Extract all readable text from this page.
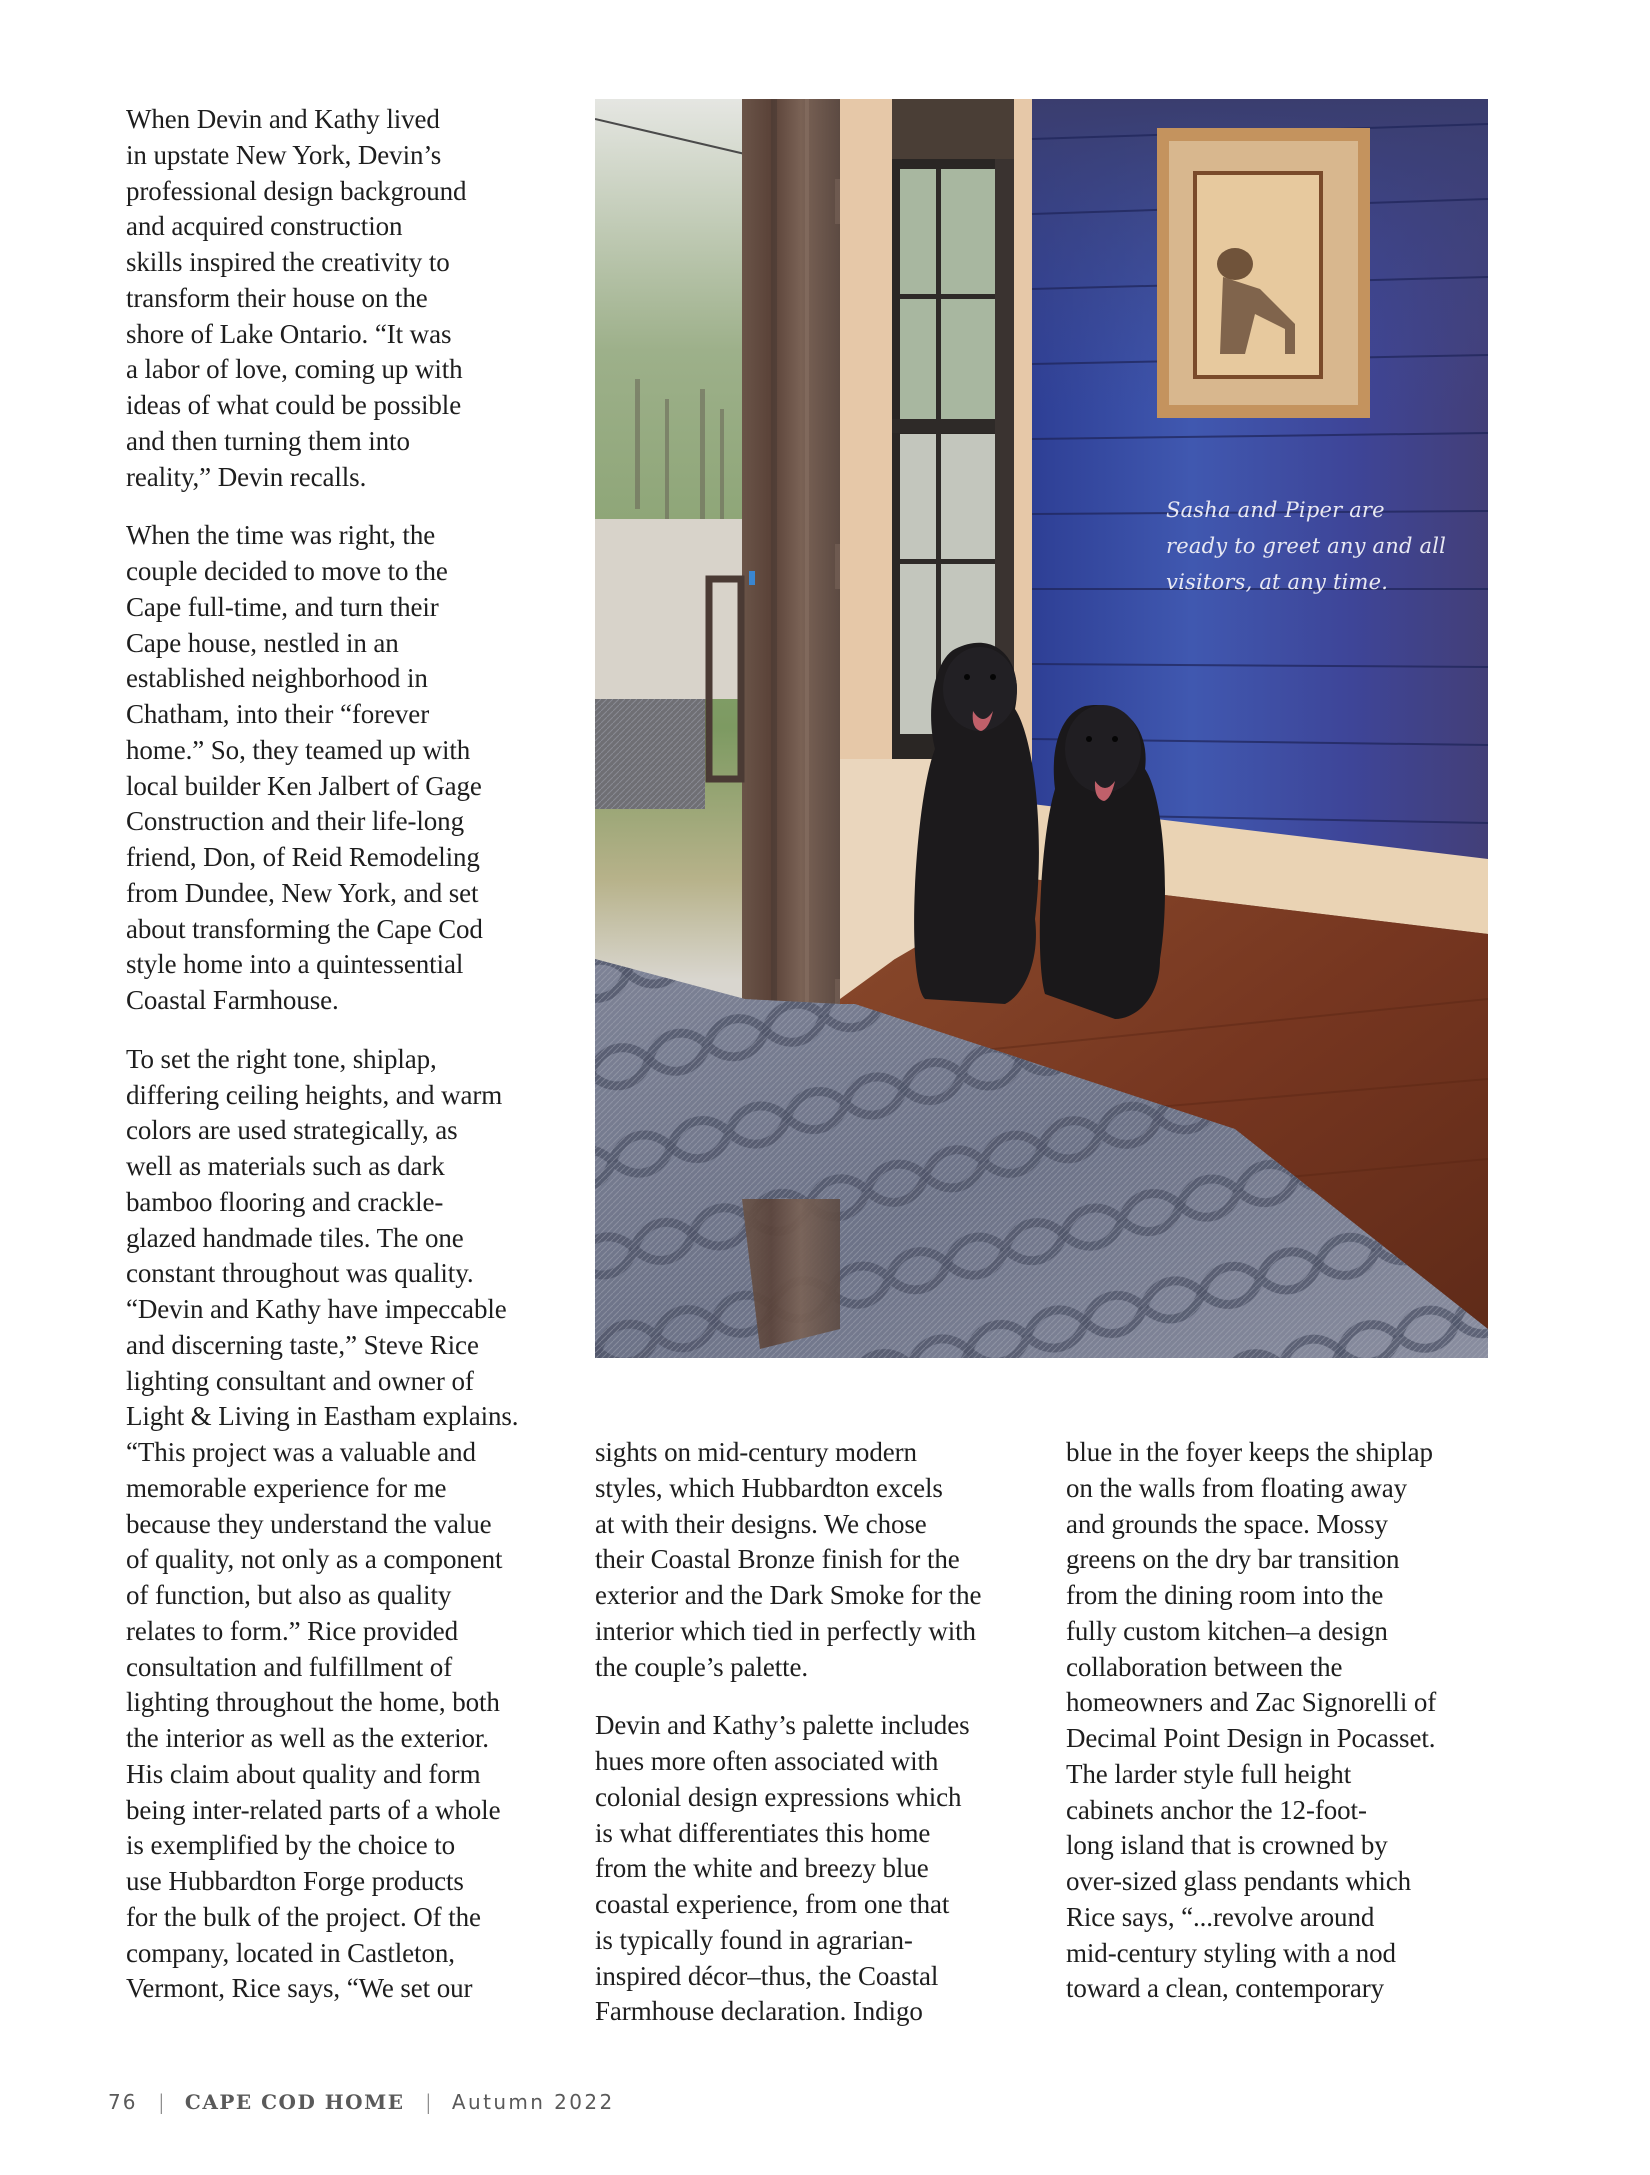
When Devin and Kathy lived
in upstate New York, Devin’s
professional design background
and acquired construction
skills inspired the creativity to
transform their house on the
shore of Lake Ontario. “It was
a labor of love, coming up with
ideas of what could be possible
and then turning them into
reality,” Devin recalls.

When the time was right, the
couple decided to move to the
Cape full-time, and turn their
Cape house, nestled in an
established neighborhood in
Chatham, into their “forever
home.” So, they teamed up with
local builder Ken Jalbert of Gage
Construction and their life-long
friend, Don, of Reid Remodeling
from Dundee, New York, and set
about transforming the Cape Cod
style home into a quintessential
Coastal Farmhouse.

To set the right tone, shiplap,
differing ceiling heights, and warm
colors are used strategically, as
well as materials such as dark
bamboo flooring and crackle-
glazed handmade tiles. The one
constant throughout was quality.
“Devin and Kathy have impeccable
and discerning taste,” Steve Rice
lighting consultant and owner of
Light & Living in Eastham explains.
“This project was a valuable and
memorable experience for me
because they understand the value
of quality, not only as a component
of function, but also as quality
relates to form.” Rice provided
consultation and fulfillment of
lighting throughout the home, both
the interior as well as the exterior.
His claim about quality and form
being inter-related parts of a whole
is exemplified by the choice to
use Hubbardton Forge products
for the bulk of the project. Of the
company, located in Castleton,
Vermont, Rice says, “We set our

Sasha and Piper are
ready to greet any and all
visitors, at any time.

sights on mid-century modern
styles, which Hubbardton excels
at with their designs. We chose
their Coastal Bronze finish for the
exterior and the Dark Smoke for the
interior which tied in perfectly with
the couple’s palette.

Devin and Kathy’s palette includes
hues more often associated with
colonial design expressions which
is what differentiates this home
from the white and breezy blue
coastal experience, from one that
is typically found in agrarian-
inspired décor–thus, the Coastal
Farmhouse declaration. Indigo

blue in the foyer keeps the shiplap
on the walls from floating away
and grounds the space. Mossy
greens on the dry bar transition
from the dining room into the
fully custom kitchen–a design
collaboration between the
homeowners and Zac Signorelli of
Decimal Point Design in Pocasset.
The larder style full height
cabinets anchor the 12-foot-
long island that is crowned by
over-sized glass pendants which
Rice says, “...revolve around
mid-century styling with a nod
toward a clean, contemporary

76 | CAPE COD HOME | Autumn 2022
